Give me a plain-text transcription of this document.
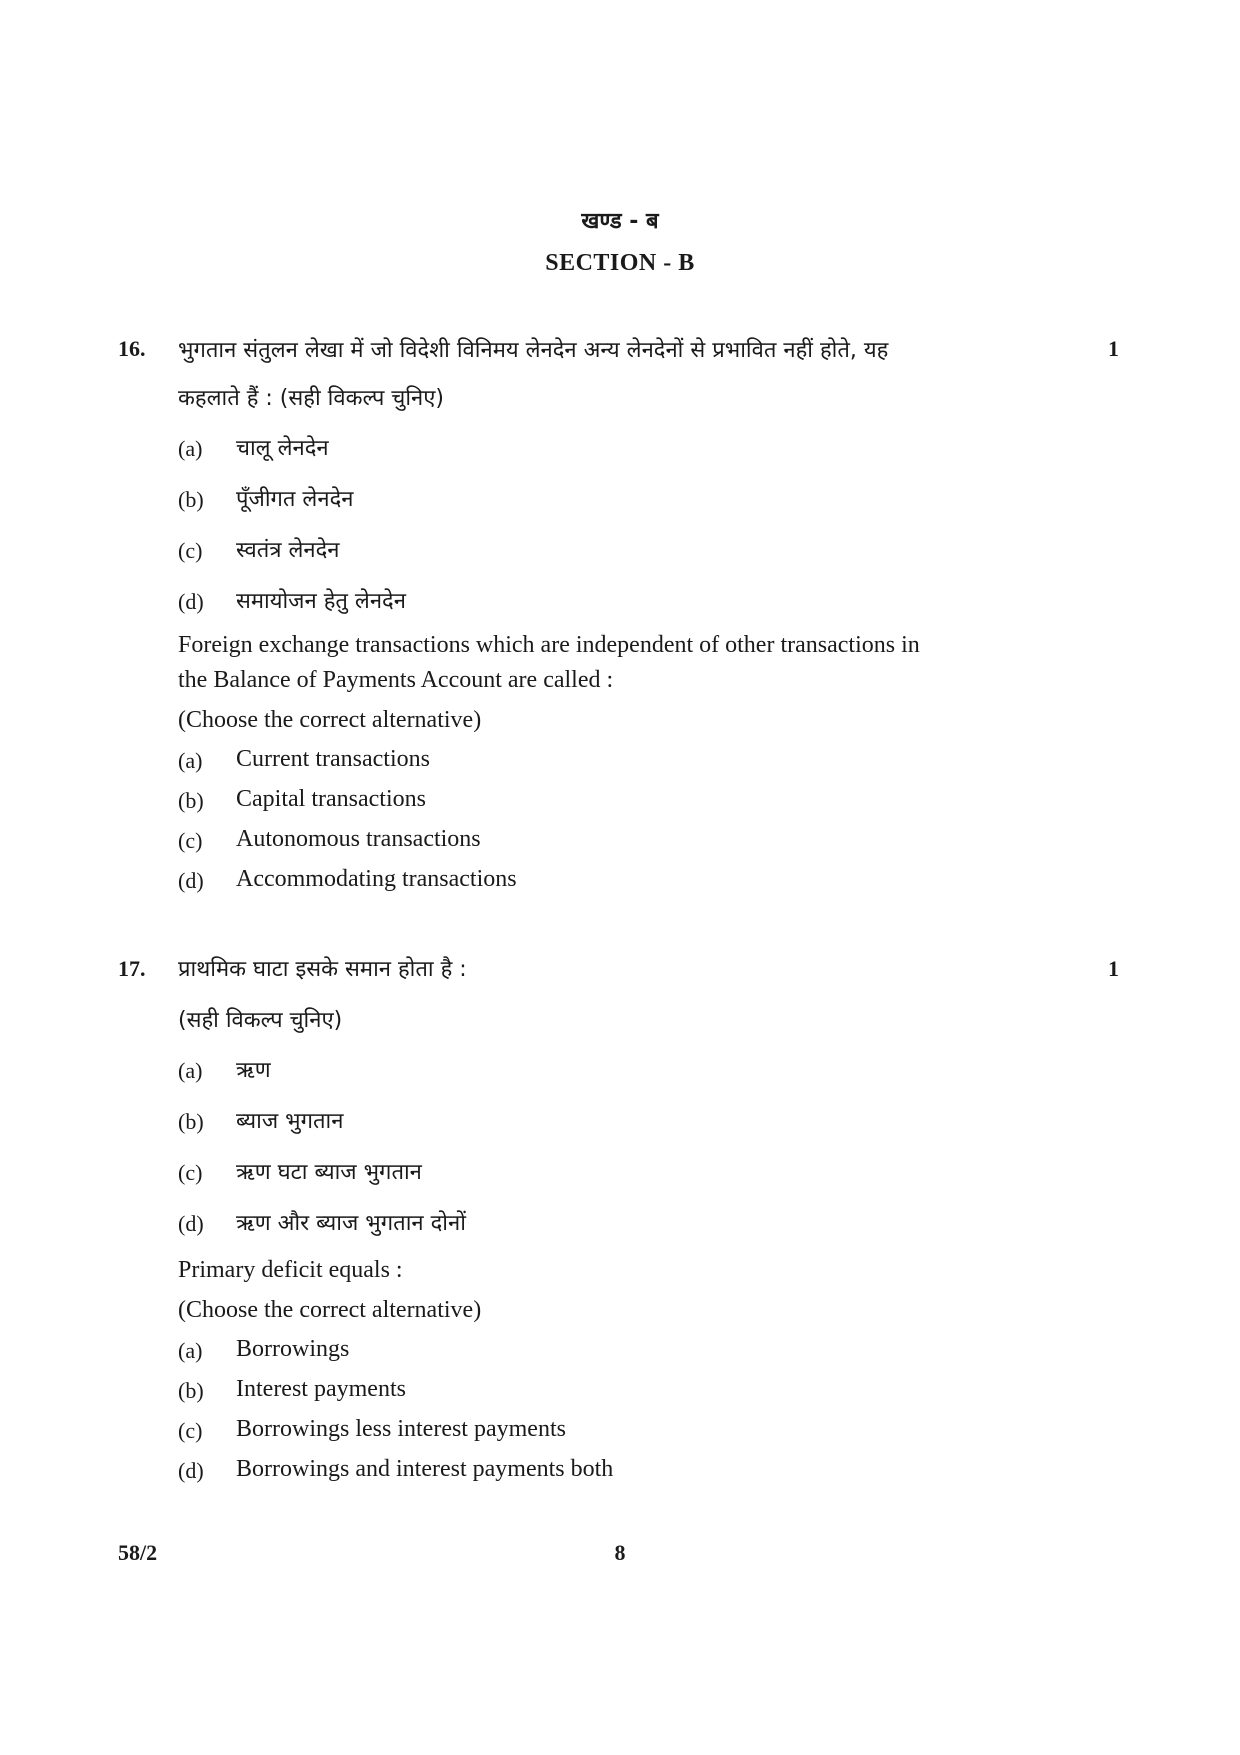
खण्ड - ब
SECTION - B
16.	1
भुगतान संतुलन लेखा में जो विदेशी विनिमय लेनदेन अन्य लेनदेनों से प्रभावित नहीं होते, यह
कहलाते हैं : (सही विकल्प चुनिए)
(a) चालू लेनदेन
(b) पूँजीगत लेनदेन
(c) स्वतंत्र लेनदेन
(d) समायोजन हेतु लेनदेन
Foreign exchange transactions which are independent of other transactions in
the Balance of Payments Account are called :
(Choose the correct alternative)
(a) Current transactions
(b) Capital transactions
(c) Autonomous transactions
(d) Accommodating transactions
17.	1
प्राथमिक घाटा इसके समान होता है :
(सही विकल्प चुनिए)
(a) ऋण
(b) ब्याज भुगतान
(c) ऋण घटा ब्याज भुगतान
(d) ऋण और ब्याज भुगतान दोनों
Primary deficit equals :
(Choose the correct alternative)
(a) Borrowings
(b) Interest payments
(c) Borrowings less interest payments
(d) Borrowings and interest payments both
58/2	8
